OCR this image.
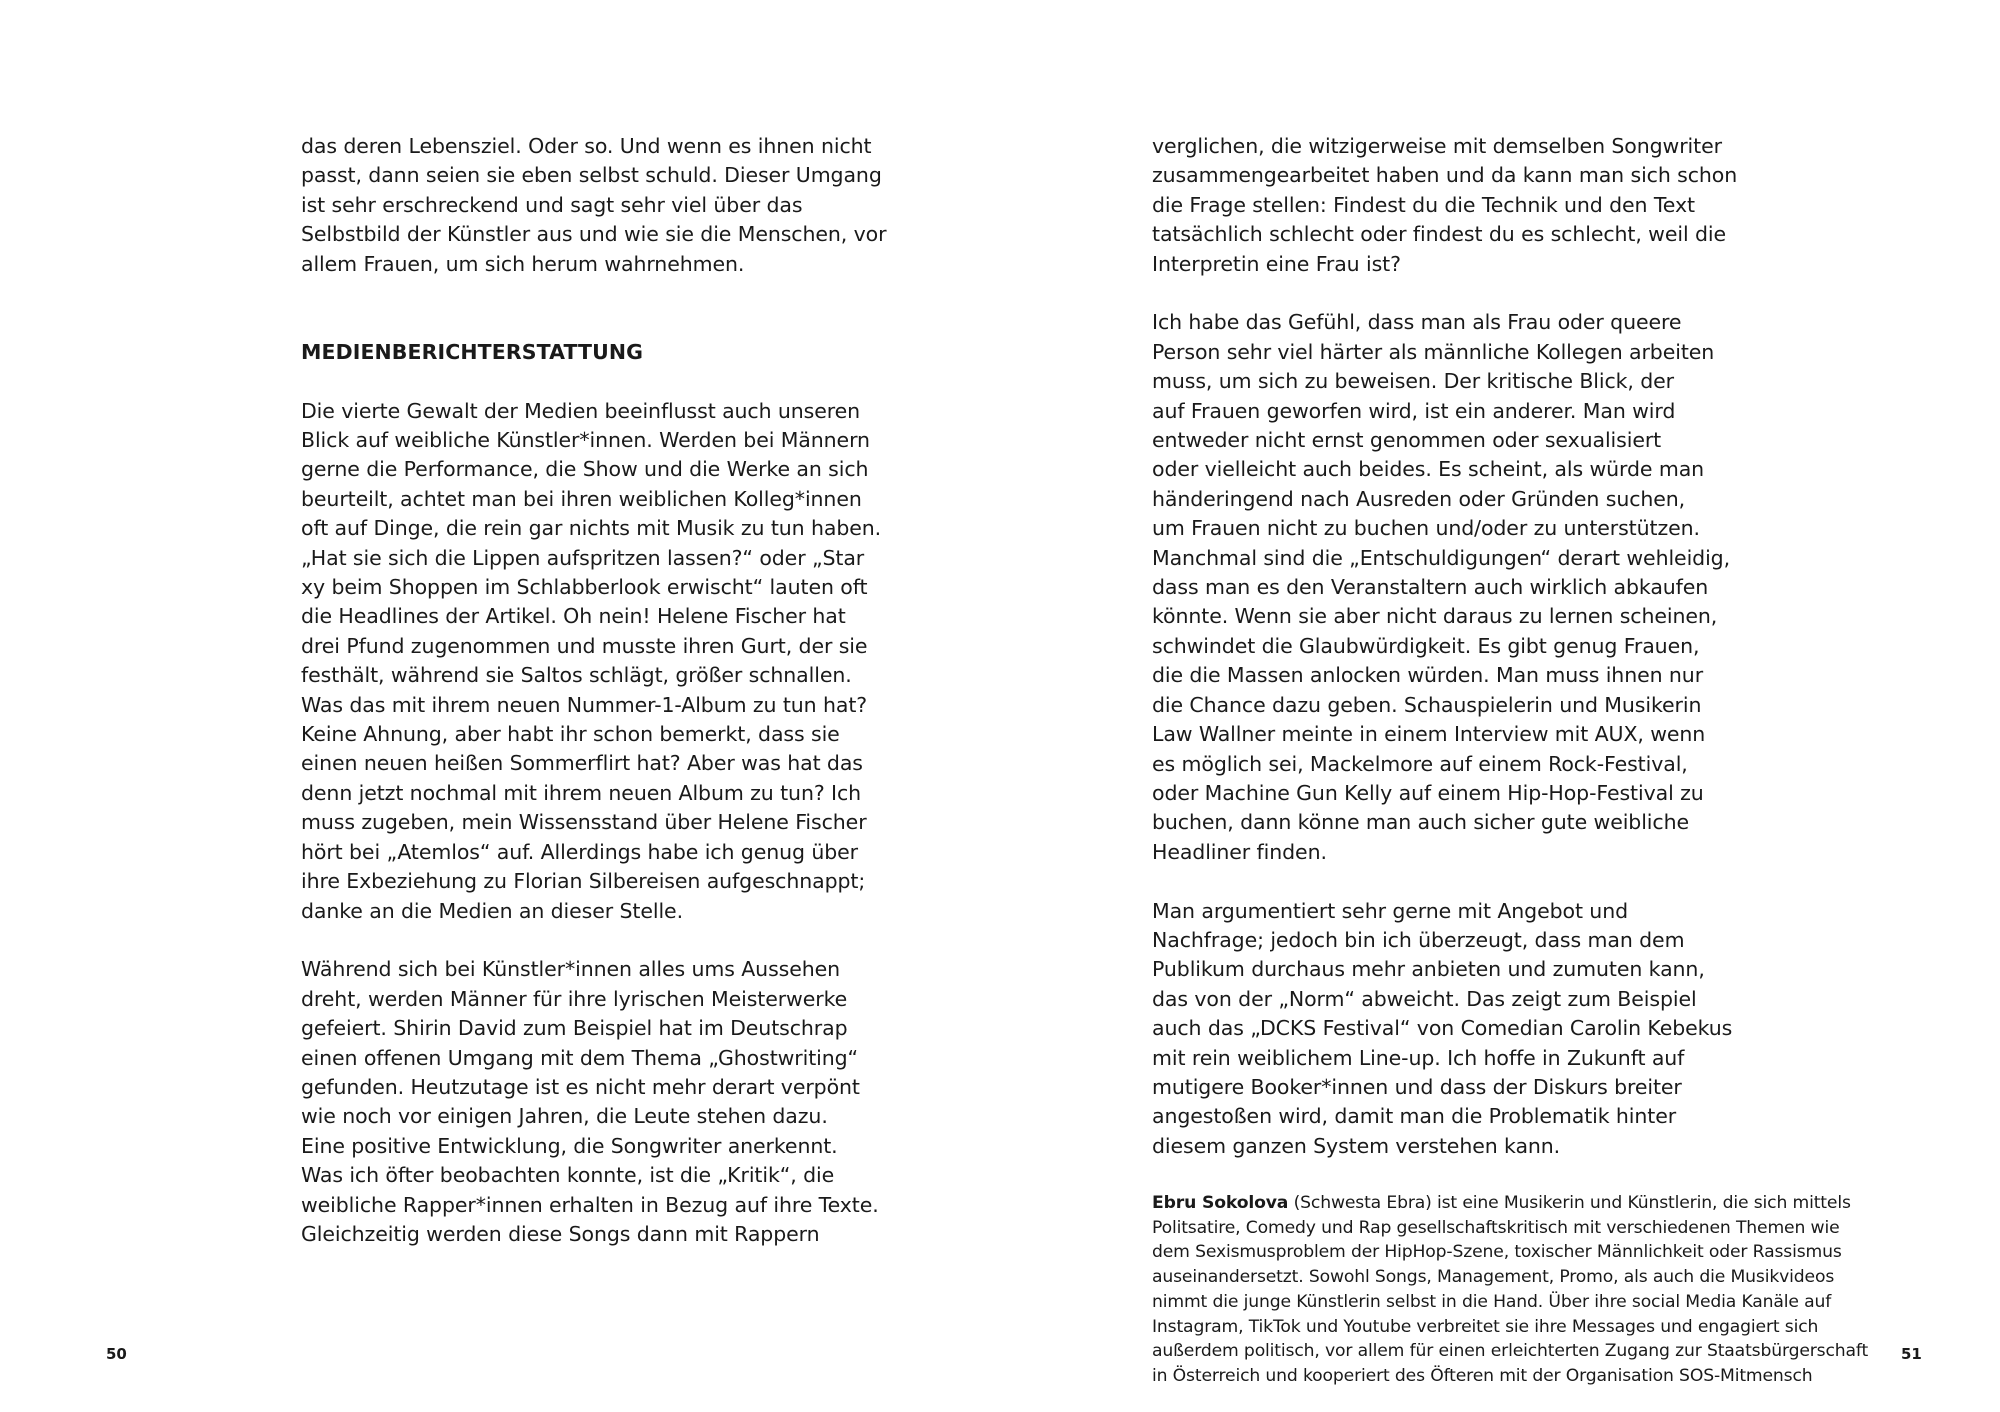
das deren Lebensziel. Oder so. Und wenn es ihnen nicht
passt, dann seien sie eben selbst schuld. Dieser Umgang
ist sehr erschreckend und sagt sehr viel über das
Selbstbild der Künstler aus und wie sie die Menschen, vor
allem Frauen, um sich herum wahrnehmen.
MEDIENBERICHTERSTATTUNG
Die vierte Gewalt der Medien beeinflusst auch unseren
Blick auf weibliche Künstler*innen. Werden bei Männern
gerne die Performance, die Show und die Werke an sich
beurteilt, achtet man bei ihren weiblichen Kolleg*innen
oft auf Dinge, die rein gar nichts mit Musik zu tun haben.
„Hat sie sich die Lippen aufspritzen lassen?“ oder „Star
xy beim Shoppen im Schlabberlook erwischt“ lauten oft
die Headlines der Artikel. Oh nein! Helene Fischer hat
drei Pfund zugenommen und musste ihren Gurt, der sie
festhält, während sie Saltos schlägt, größer schnallen.
Was das mit ihrem neuen Nummer-1-Album zu tun hat?
Keine Ahnung, aber habt ihr schon bemerkt, dass sie
einen neuen heißen Sommerflirt hat? Aber was hat das
denn jetzt nochmal mit ihrem neuen Album zu tun? Ich
muss zugeben, mein Wissensstand über Helene Fischer
hört bei „Atemlos“ auf. Allerdings habe ich genug über
ihre Exbeziehung zu Florian Silbereisen aufgeschnappt;
danke an die Medien an dieser Stelle.
Während sich bei Künstler*innen alles ums Aussehen
dreht, werden Männer für ihre lyrischen Meisterwerke
gefeiert. Shirin David zum Beispiel hat im Deutschrap
einen offenen Umgang mit dem Thema „Ghostwriting“
gefunden. Heutzutage ist es nicht mehr derart verpönt
wie noch vor einigen Jahren, die Leute stehen dazu.
Eine positive Entwicklung, die Songwriter anerkennt.
Was ich öfter beobachten konnte, ist die „Kritik“, die
weibliche Rapper*innen erhalten in Bezug auf ihre Texte.
Gleichzeitig werden diese Songs dann mit Rappern
50
verglichen, die witzigerweise mit demselben Songwriter
zusammengearbeitet haben und da kann man sich schon
die Frage stellen: Findest du die Technik und den Text
tatsächlich schlecht oder findest du es schlecht, weil die
Interpretin eine Frau ist?
Ich habe das Gefühl, dass man als Frau oder queere
Person sehr viel härter als männliche Kollegen arbeiten
muss, um sich zu beweisen. Der kritische Blick, der
auf Frauen geworfen wird, ist ein anderer. Man wird
entweder nicht ernst genommen oder sexualisiert
oder vielleicht auch beides. Es scheint, als würde man
händeringend nach Ausreden oder Gründen suchen,
um Frauen nicht zu buchen und/oder zu unterstützen.
Manchmal sind die „Entschuldigungen“ derart wehleidig,
dass man es den Veranstaltern auch wirklich abkaufen
könnte. Wenn sie aber nicht daraus zu lernen scheinen,
schwindet die Glaubwürdigkeit. Es gibt genug Frauen,
die die Massen anlocken würden. Man muss ihnen nur
die Chance dazu geben. Schauspielerin und Musikerin
Law Wallner meinte in einem Interview mit AUX, wenn
es möglich sei, Mackelmore auf einem Rock-Festival,
oder Machine Gun Kelly auf einem Hip-Hop-Festival zu
buchen, dann könne man auch sicher gute weibliche
Headliner finden.
Man argumentiert sehr gerne mit Angebot und
Nachfrage; jedoch bin ich überzeugt, dass man dem
Publikum durchaus mehr anbieten und zumuten kann,
das von der „Norm“ abweicht. Das zeigt zum Beispiel
auch das „DCKS Festival“ von Comedian Carolin Kebekus
mit rein weiblichem Line-up. Ich hoffe in Zukunft auf
mutigere Booker*innen und dass der Diskurs breiter
angestoßen wird, damit man die Problematik hinter
diesem ganzen System verstehen kann.
Ebru Sokolova (Schwesta Ebra) ist eine Musikerin und Künstlerin, die sich mittels
Politsatire, Comedy und Rap gesellschaftskritisch mit verschiedenen Themen wie
dem Sexismusproblem der HipHop-Szene, toxischer Männlichkeit oder Rassismus
auseinandersetzt. Sowohl Songs, Management, Promo, als auch die Musikvideos
nimmt die junge Künstlerin selbst in die Hand. Über ihre social Media Kanäle auf
Instagram, TikTok und Youtube verbreitet sie ihre Messages und engagiert sich
außerdem politisch, vor allem für einen erleichterten Zugang zur Staatsbürgerschaft
in Österreich und kooperiert des Öfteren mit der Organisation SOS-Mitmensch
51
